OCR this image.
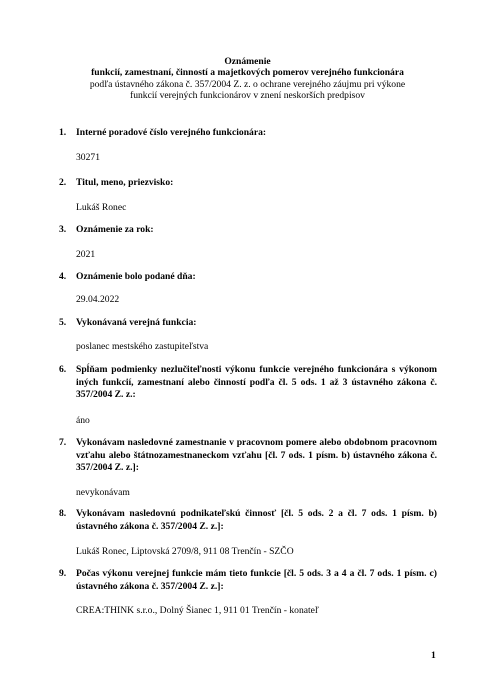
Oznámenie
funkcií, zamestnaní, činností a majetkových pomerov verejného funkcionára
podľa ústavného zákona č. 357/2004 Z. z. o ochrane verejného záujmu pri výkone
funkcií verejných funkcionárov v znení neskorších predpisov
1. Interné poradové číslo verejného funkcionára:
30271
2. Titul, meno, priezvisko:
Lukáš Ronec
3. Oznámenie za rok:
2021
4. Oznámenie bolo podané dňa:
29.04.2022
5. Vykonávaná verejná funkcia:
poslanec mestského zastupiteľstva
6. Spĺňam podmienky nezlučiteľnosti výkonu funkcie verejného funkcionára s výkonom iných funkcií, zamestnaní alebo činností podľa čl. 5 ods. 1 až 3 ústavného zákona č. 357/2004 Z. z.:
áno
7. Vykonávam nasledovné zamestnanie v pracovnom pomere alebo obdobnom pracovnom vzťahu alebo štátnozamestnaneckom vzťahu [čl. 7 ods. 1 písm. b) ústavného zákona č. 357/2004 Z. z.]:
nevykonávam
8. Vykonávam nasledovnú podnikateľskú činnosť [čl. 5 ods. 2 a čl. 7 ods. 1 písm. b) ústavného zákona č. 357/2004 Z. z.]:
Lukáš Ronec, Liptovská 2709/8, 911 08 Trenčín - SZČO
9. Počas výkonu verejnej funkcie mám tieto funkcie [čl. 5 ods. 3 a 4 a čl. 7 ods. 1 písm. c) ústavného zákona č. 357/2004 Z. z.]:
CREA:THINK s.r.o., Dolný Šianec 1, 911 01 Trenčín - konateľ
1
